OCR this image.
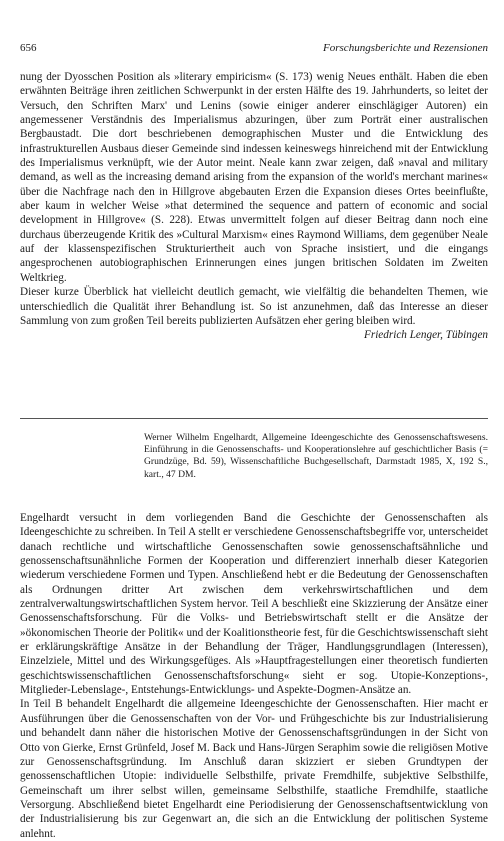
656	Forschungsberichte und Rezensionen

nung der Dyosschen Position als »literary empiricism« (S. 173) wenig Neues enthält. Haben die eben erwähnten Beiträge ihren zeitlichen Schwerpunkt in der ersten Hälfte des 19. Jahrhunderts, so leitet der Versuch, den Schriften Marx' und Lenins (sowie einiger anderer einschlägiger Autoren) ein angemessener Verständnis des Imperialismus abzuringen, über zum Porträt einer australischen Bergbaustadt. Die dort beschriebenen demographischen Muster und die Entwicklung des infrastrukturellen Ausbaus dieser Gemeinde sind indessen keineswegs hinreichend mit der Entwicklung des Imperialismus verknüpft, wie der Autor meint. Neale kann zwar zeigen, daß »naval and military demand, as well as the increasing demand arising from the expansion of the world's merchant marines« über die Nachfrage nach den in Hillgrove abgebauten Erzen die Expansion dieses Ortes beeinflußte, aber kaum in welcher Weise »that determined the sequence and pattern of economic and social development in Hillgrove« (S. 228). Etwas unvermittelt folgen auf dieser Beitrag dann noch eine durchaus überzeugende Kritik des »Cultural Marxism« eines Raymond Williams, dem gegenüber Neale auf der klassenspezifischen Strukturiertheit auch von Sprache insistiert, und die eingangs angesprochenen autobiographischen Erinnerungen eines jungen britischen Soldaten im Zweiten Weltkrieg.

Dieser kurze Überblick hat vielleicht deutlich gemacht, wie vielfältig die behandelten Themen, wie unterschiedlich die Qualität ihrer Behandlung ist. So ist anzunehmen, daß das Interesse an dieser Sammlung von zum großen Teil bereits publizierten Aufsätzen eher gering bleiben wird.

Friedrich Lenger, Tübingen

Werner Wilhelm Engelhardt, Allgemeine Ideengeschichte des Genossenschaftswesens. Einführung in die Genossenschafts- und Kooperationslehre auf geschichtlicher Basis (= Grundzüge, Bd. 59), Wissenschaftliche Buchgesellschaft, Darmstadt 1985, X, 192 S., kart., 47 DM.

Engelhardt versucht in dem vorliegenden Band die Geschichte der Genossenschaften als Ideengeschichte zu schreiben. In Teil A stellt er verschiedene Genossenschaftsbegriffe vor, unterscheidet danach rechtliche und wirtschaftliche Genossenschaften sowie genossenschaftsähnliche und genossenschaftsunähnliche Formen der Kooperation und differenziert innerhalb dieser Kategorien wiederum verschiedene Formen und Typen. Anschließend hebt er die Bedeutung der Genossenschaften als Ordnungen dritter Art zwischen dem verkehrswirtschaftlichen und dem zentralverwaltungswirtschaftlichen System hervor. Teil A beschließt eine Skizzierung der Ansätze einer Genossenschaftsforschung. Für die Volks- und Betriebswirtschaft stellt er die Ansätze der »ökonomischen Theorie der Politik« und der Koalitionstheorie fest, für die Geschichtswissenschaft sieht er erklärungskräftige Ansätze in der Behandlung der Träger, Handlungsgrundlagen (Interessen), Einzelziele, Mittel und des Wirkungsgefüges. Als »Hauptfragestellungen einer theoretisch fundierten geschichtswissenschaftlichen Genossenschaftsforschung« sieht er sog. Utopie-Konzeptions-, Mitglieder-Lebenslage-, Entstehungs-Entwicklungs- und Aspekte-Dogmen-Ansätze an.

In Teil B behandelt Engelhardt die allgemeine Ideengeschichte der Genossenschaften. Hier macht er Ausführungen über die Genossenschaften von der Vor- und Frühgeschichte bis zur Industrialisierung und behandelt dann näher die historischen Motive der Genossenschaftsgründungen in der Sicht von Otto von Gierke, Ernst Grünfeld, Josef M. Back und Hans-Jürgen Seraphim sowie die religiösen Motive zur Genossenschaftsgründung. Im Anschluß daran skizziert er sieben Grundtypen der genossenschaftlichen Utopie: individuelle Selbsthilfe, private Fremdhilfe, subjektive Selbsthilfe, Gemeinschaft um ihrer selbst willen, gemeinsame Selbsthilfe, staatliche Fremdhilfe, staatliche Versorgung. Abschließend bietet Engelhardt eine Periodisierung der Genossenschaftsentwicklung von der Industrialisierung bis zur Gegenwart an, die sich an die Entwicklung der politischen Systeme anlehnt.
